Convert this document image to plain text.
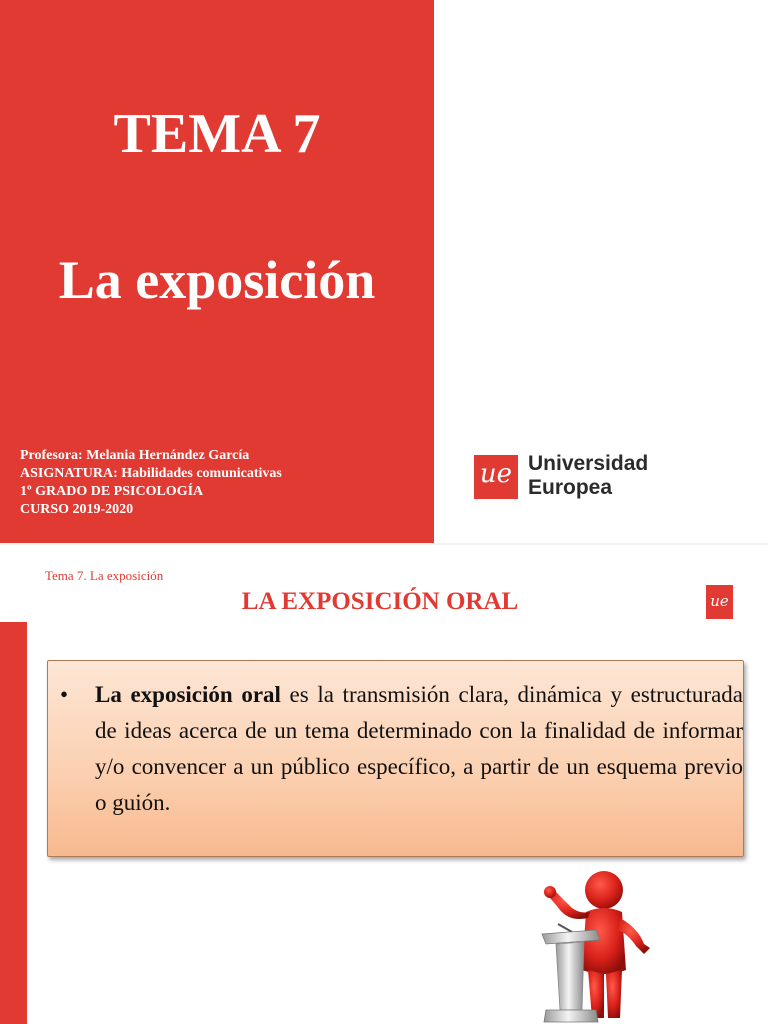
TEMA 7
La exposición
Profesora: Melania Hernández García
ASIGNATURA: Habilidades comunicativas
1º GRADO DE PSICOLOGÍA
CURSO 2019-2020
ue Universidad
Europea
Tema 7. La exposición
LA EXPOSICIÓN ORAL	ue
• La exposición oral es la transmisión clara, dinámica y estructurada de ideas acerca de un tema determinado con la finalidad de informar y/o convencer a un público específico, a partir de un esquema previo o guión.
